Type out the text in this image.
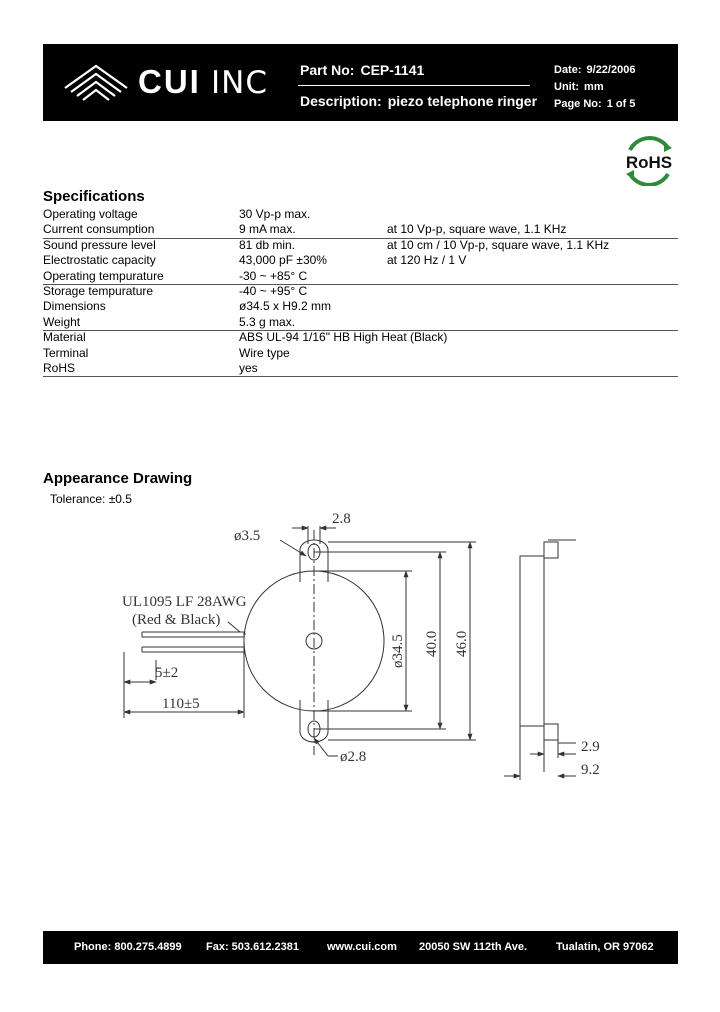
CUI INC Part No: CEP-1141
Description: piezo telephone ringer
Date: 9/22/2006
Unit: mm
Page No: 1 of 5
RoHS
Specifications
Operating voltage	30 Vp-p max.
Current consumption	9 mA max.	at 10 Vp-p, square wave, 1.1 KHz
Sound pressure level	81 db min.	at 10 cm / 10 Vp-p, square wave, 1.1 KHz
Electrostatic capacity	43,000 pF ±30%	at 120 Hz / 1 V
Operating tempurature	-30 ~ +85° C
Storage tempurature	-40 ~ +95° C
Dimensions	ø34.5 x H9.2 mm
Weight	5.3 g max.
Material	ABS UL-94 1/16" HB High Heat (Black)
Terminal	Wire type
RoHS	yes
Appearance Drawing
Tolerance: ±0.5
ø3.5
2.8
UL1095 LF 28AWG
(Red & Black)
5±2
110±5
ø34.5 40.0 46.0
ø2.8
2.9
9.2
Phone: 800.275.4899 Fax: 503.612.2381	www.cui.com 20050 SW 112th Ave.	Tualatin, OR 97062
